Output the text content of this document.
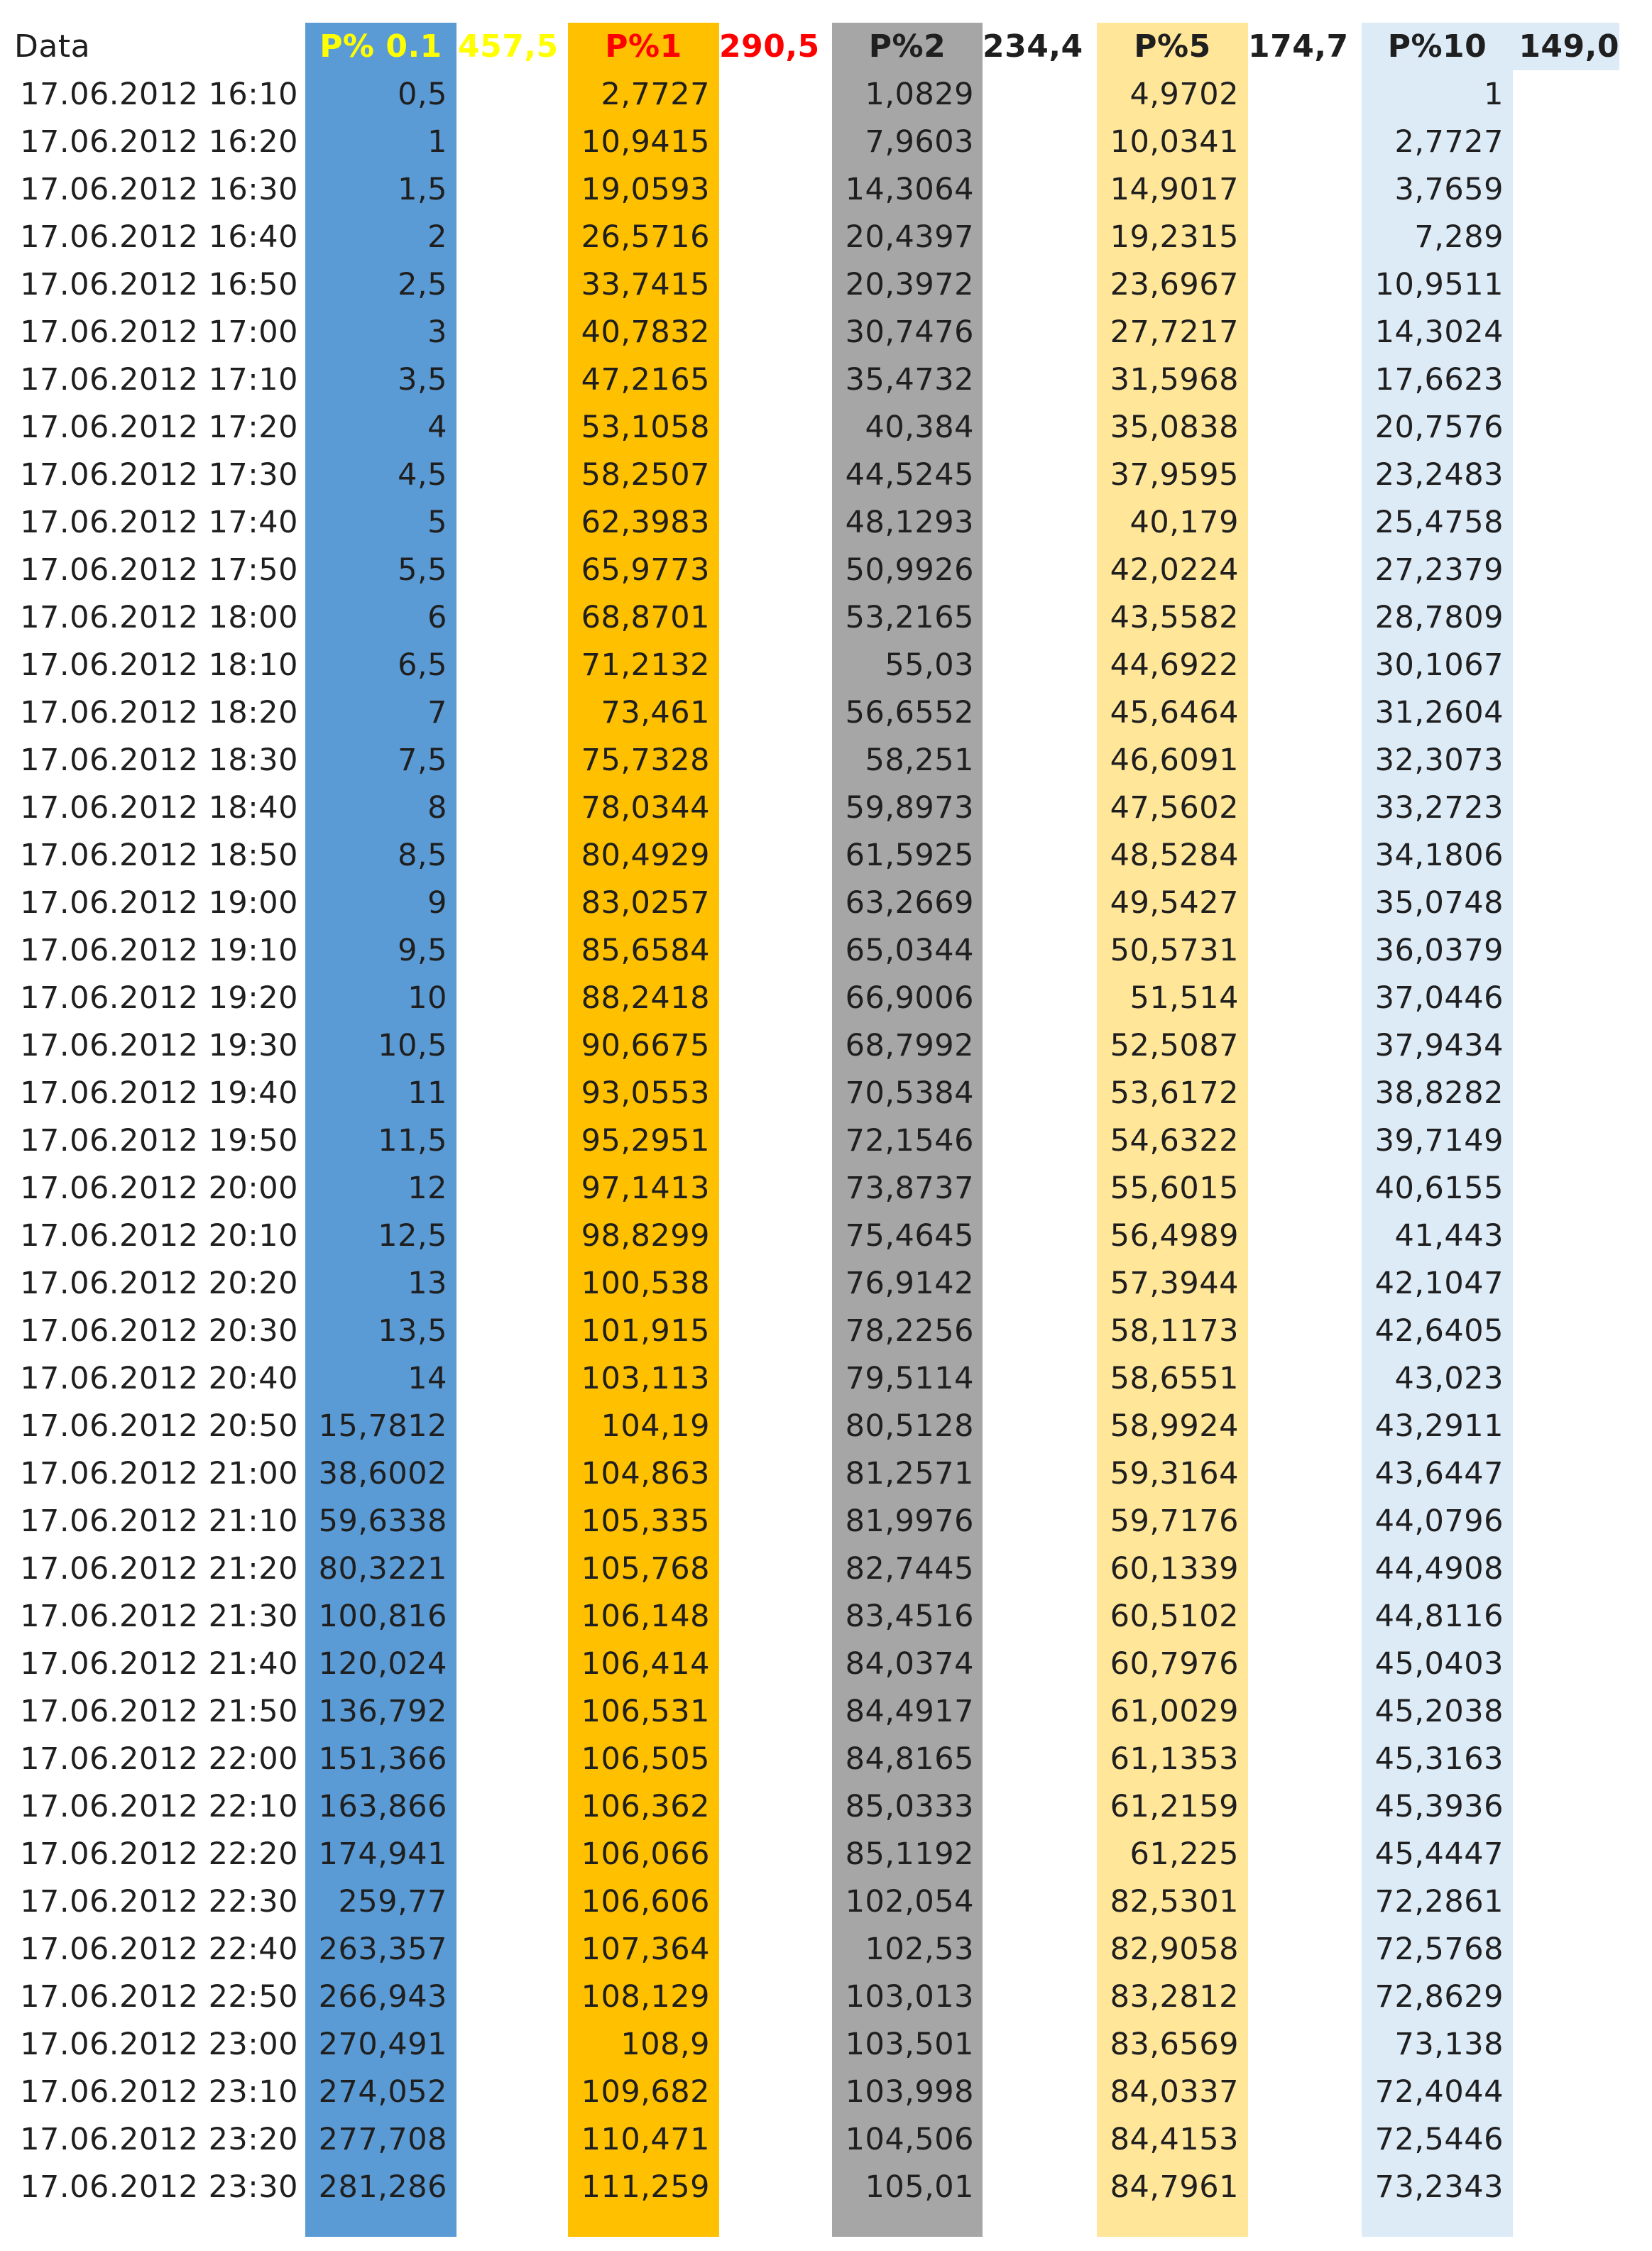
Data	P% 0.1 457,5	P%1	290,5	P%2	234,4	P%5	174,7	P%10	149,0
17.06.2012 16:10	0,5	2,7727	1,0829	4,9702	1
17.06.2012 16:20	1	10,9415	7,9603	10,0341	2,7727
17.06.2012 16:30	1,5	19,0593	14,3064	14,9017	3,7659
17.06.2012 16:40	2	26,5716	20,4397	19,2315	7,289
17.06.2012 16:50	2,5	33,7415	20,3972	23,6967	10,9511
17.06.2012 17:00	3	40,7832	30,7476	27,7217	14,3024
17.06.2012 17:10	3,5	47,2165	35,4732	31,5968	17,6623
17.06.2012 17:20	4	53,1058	40,384	35,0838	20,7576
17.06.2012 17:30	4,5	58,2507	44,5245	37,9595	23,2483
17.06.2012 17:40	5	62,3983	48,1293	40,179	25,4758
17.06.2012 17:50	5,5	65,9773	50,9926	42,0224	27,2379
17.06.2012 18:00	6	68,8701	53,2165	43,5582	28,7809
17.06.2012 18:10	6,5	71,2132	55,03	44,6922	30,1067
17.06.2012 18:20	7	73,461	56,6552	45,6464	31,2604
17.06.2012 18:30	7,5	75,7328	58,251	46,6091	32,3073
17.06.2012 18:40	8	78,0344	59,8973	47,5602	33,2723
17.06.2012 18:50	8,5	80,4929	61,5925	48,5284	34,1806
17.06.2012 19:00	9	83,0257	63,2669	49,5427	35,0748
17.06.2012 19:10	9,5	85,6584	65,0344	50,5731	36,0379
17.06.2012 19:20	10	88,2418	66,9006	51,514	37,0446
17.06.2012 19:30	10,5	90,6675	68,7992	52,5087	37,9434
17.06.2012 19:40	11	93,0553	70,5384	53,6172	38,8282
17.06.2012 19:50	11,5	95,2951	72,1546	54,6322	39,7149
17.06.2012 20:00	12	97,1413	73,8737	55,6015	40,6155
17.06.2012 20:10	12,5	98,8299	75,4645	56,4989	41,443
17.06.2012 20:20	13	100,538	76,9142	57,3944	42,1047
17.06.2012 20:30	13,5	101,915	78,2256	58,1173	42,6405
17.06.2012 20:40	14	103,113	79,5114	58,6551	43,023
17.06.2012 20:50 15,7812	104,19	80,5128	58,9924	43,2911
17.06.2012 21:00 38,6002	104,863	81,2571	59,3164	43,6447
17.06.2012 21:10 59,6338	105,335	81,9976	59,7176	44,0796
17.06.2012 21:20 80,3221	105,768	82,7445	60,1339	44,4908
17.06.2012 21:30 100,816	106,148	83,4516	60,5102	44,8116
17.06.2012 21:40 120,024	106,414	84,0374	60,7976	45,0403
17.06.2012 21:50 136,792	106,531	84,4917	61,0029	45,2038
17.06.2012 22:00 151,366	106,505	84,8165	61,1353	45,3163
17.06.2012 22:10 163,866	106,362	85,0333	61,2159	45,3936
17.06.2012 22:20 174,941	106,066	85,1192	61,225	45,4447
17.06.2012 22:30	259,77	106,606	102,054	82,5301	72,2861
17.06.2012 22:40 263,357	107,364	102,53	82,9058	72,5768
17.06.2012 22:50 266,943	108,129	103,013	83,2812	72,8629
17.06.2012 23:00 270,491	108,9	103,501	83,6569	73,138
17.06.2012 23:10 274,052	109,682	103,998	84,0337	72,4044
17.06.2012 23:20 277,708	110,471	104,506	84,4153	72,5446
17.06.2012 23:30 281,286	111,259	105,01	84,7961	73,2343
